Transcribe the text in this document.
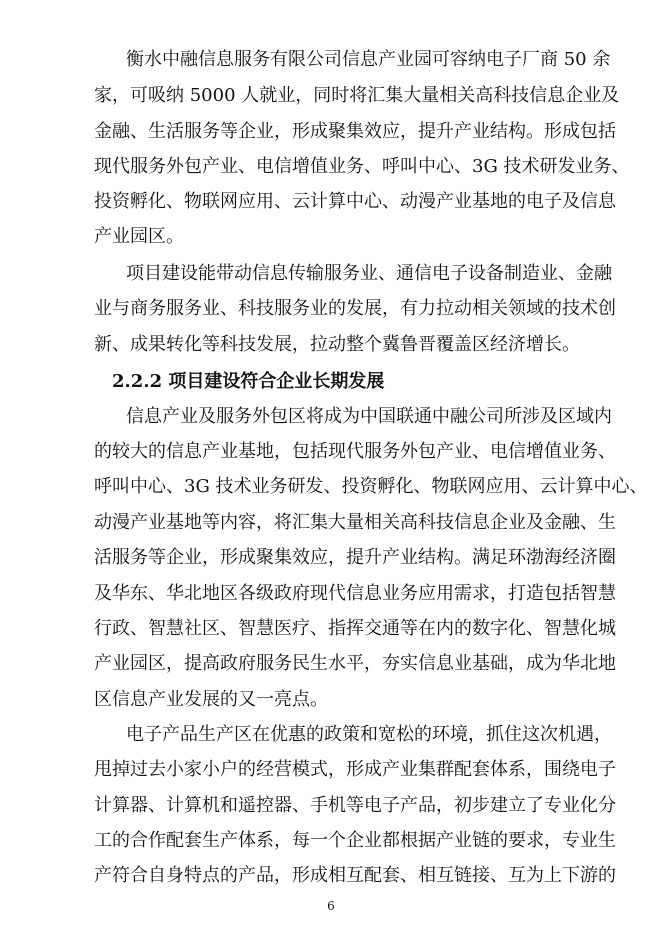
衡水中融信息服务有限公司信息产业园可容纳电子厂商 50 余
家，可吸纳 5000 人就业，同时将汇集大量相关高科技信息企业及
金融、生活服务等企业，形成聚集效应，提升产业结构。形成包括
现代服务外包产业、电信增值业务、呼叫中心、3G 技术研发业务、
投资孵化、物联网应用、云计算中心、动漫产业基地的电子及信息
产业园区。
项目建设能带动信息传输服务业、通信电子设备制造业、金融
业与商务服务业、科技服务业的发展，有力拉动相关领域的技术创
新、成果转化等科技发展，拉动整个冀鲁晋覆盖区经济增长。
2.2.2 项目建设符合企业长期发展
信息产业及服务外包区将成为中国联通中融公司所涉及区域内
的较大的信息产业基地，包括现代服务外包产业、电信增值业务、
呼叫中心、3G 技术业务研发、投资孵化、物联网应用、云计算中心、
动漫产业基地等内容，将汇集大量相关高科技信息企业及金融、生
活服务等企业，形成聚集效应，提升产业结构。满足环渤海经济圈
及华东、华北地区各级政府现代信息业务应用需求，打造包括智慧
行政、智慧社区、智慧医疗、指挥交通等在内的数字化、智慧化城
产业园区，提高政府服务民生水平，夯实信息业基础，成为华北地
区信息产业发展的又一亮点。
电子产品生产区在优惠的政策和宽松的环境，抓住这次机遇，
甩掉过去小家小户的经营模式，形成产业集群配套体系，围绕电子
计算器、计算机和遥控器、手机等电子产品，初步建立了专业化分
工的合作配套生产体系，每一个企业都根据产业链的要求，专业生
产符合自身特点的产品，形成相互配套、相互链接、互为上下游的
6
